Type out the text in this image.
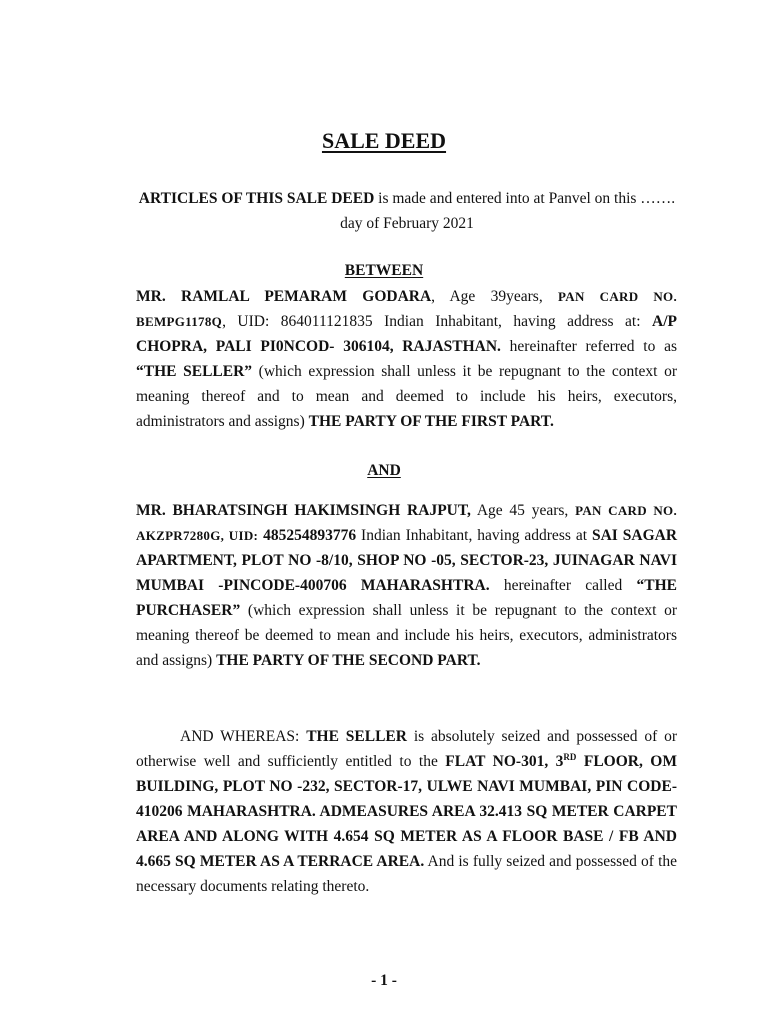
SALE DEED
ARTICLES OF THIS SALE DEED is made and entered into at Panvel on this ……. day of February 2021
BETWEEN

MR. RAMLAL PEMARAM GODARA, Age 39years, PAN CARD NO. BEMPG1178Q, UID: 864011121835 Indian Inhabitant, having address at: A/P CHOPRA, PALI PI0NCOD- 306104, RAJASTHAN. hereinafter referred to as “THE SELLER” (which expression shall unless it be repugnant to the context or meaning thereof and to mean and deemed to include his heirs, executors, administrators and assigns) THE PARTY OF THE FIRST PART.

AND

MR. BHARATSINGH HAKIMSINGH RAJPUT, Age 45 years, PAN CARD NO. AKZPR7280G, UID: 485254893776 Indian Inhabitant, having address at SAI SAGAR APARTMENT, PLOT NO -8/10, SHOP NO -05, SECTOR-23, JUINAGAR NAVI MUMBAI -PINCODE-400706 MAHARASHTRA. hereinafter called “THE PURCHASER” (which expression shall unless it be repugnant to the context or meaning thereof be deemed to mean and include his heirs, executors, administrators and assigns) THE PARTY OF THE SECOND PART.

AND WHEREAS: THE SELLER is absolutely seized and possessed of or otherwise well and sufficiently entitled to the FLAT NO-301, 3RD FLOOR, OM BUILDING, PLOT NO -232, SECTOR-17, ULWE NAVI MUMBAI, PIN CODE-410206 MAHARASHTRA. ADMEASURES AREA 32.413 SQ METER CARPET AREA AND ALONG WITH 4.654 SQ METER AS A FLOOR BASE / FB AND 4.665 SQ METER AS A TERRACE AREA. And is fully seized and possessed of the necessary documents relating thereto.

- 1 -
